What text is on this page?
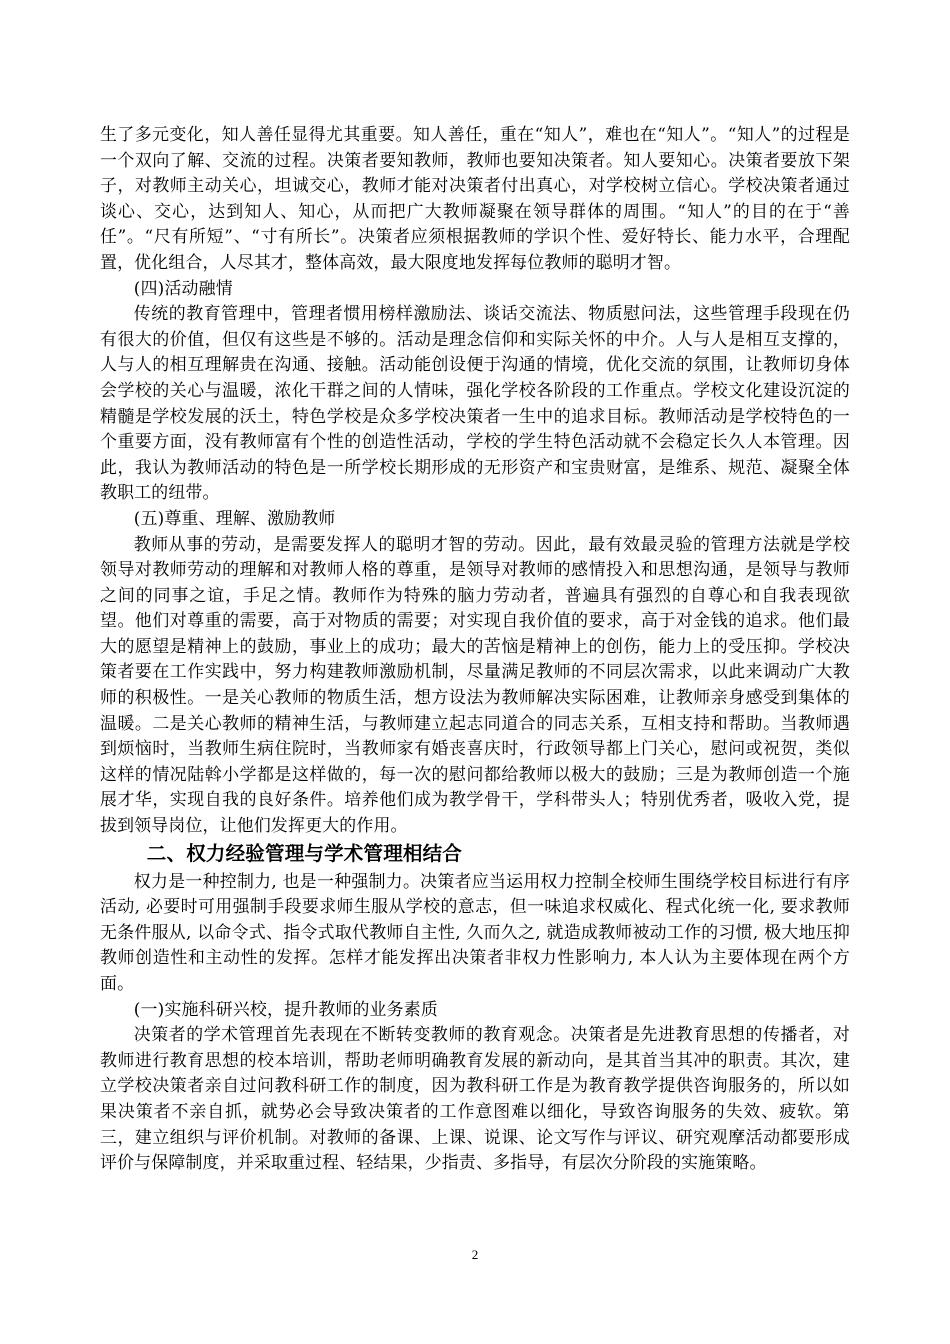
生了多元变化，知人善任显得尤其重要。知人善任，重在“知人”，难也在“知人”。“知人”的过程是一个双向了解、交流的过程。决策者要知教师，教师也要知决策者。知人要知心。决策者要放下架子，对教师主动关心，坦诚交心，教师才能对决策者付出真心，对学校树立信心。学校决策者通过谈心、交心，达到知人、知心，从而把广大教师凝聚在领导群体的周围。“知人”的目的在于“善任”。“尺有所短”、“寸有所长”。决策者应须根据教师的学识个性、爱好特长、能力水平，合理配置，优化组合，人尽其才，整体高效，最大限度地发挥每位教师的聪明才智。

(四)活动融情

传统的教育管理中，管理者惯用榜样激励法、谈话交流法、物质慰问法，这些管理手段现在仍有很大的价值，但仅有这些是不够的。活动是理念信仰和实际关怀的中介。人与人是相互支撑的，人与人的相互理解贵在沟通、接触。活动能创设便于沟通的情境，优化交流的氛围，让教师切身体会学校的关心与温暖，浓化干群之间的人情味，强化学校各阶段的工作重点。学校文化建设沉淀的精髓是学校发展的沃土，特色学校是众多学校决策者一生中的追求目标。教师活动是学校特色的一个重要方面，没有教师富有个性的创造性活动，学校的学生特色活动就不会稳定长久人本管理。因此，我认为教师活动的特色是一所学校长期形成的无形资产和宝贵财富，是维系、规范、凝聚全体教职工的纽带。

(五)尊重、理解、激励教师

教师从事的劳动，是需要发挥人的聪明才智的劳动。因此，最有效最灵验的管理方法就是学校领导对教师劳动的理解和对教师人格的尊重，是领导对教师的感情投入和思想沟通，是领导与教师之间的同事之谊，手足之情。教师作为特殊的脑力劳动者，普遍具有强烈的自尊心和自我表现欲望。他们对尊重的需要，高于对物质的需要；对实现自我价值的要求，高于对金钱的追求。他们最大的愿望是精神上的鼓励，事业上的成功；最大的苦恼是精神上的创伤，能力上的受压抑。学校决策者要在工作实践中，努力构建教师激励机制，尽量满足教师的不同层次需求，以此来调动广大教师的积极性。一是关心教师的物质生活，想方设法为教师解决实际困难，让教师亲身感受到集体的温暖。二是关心教师的精神生活，与教师建立起志同道合的同志关系，互相支持和帮助。当教师遇到烦恼时，当教师生病住院时，当教师家有婚丧喜庆时，行政领导都上门关心，慰问或祝贺，类似这样的情况陆斡小学都是这样做的，每一次的慰问都给教师以极大的鼓励；三是为教师创造一个施展才华，实现自我的良好条件。培养他们成为教学骨干，学科带头人；特别优秀者，吸收入党，提拔到领导岗位，让他们发挥更大的作用。

二、权力经验管理与学术管理相结合

权力是一种控制力, 也是一种强制力。决策者应当运用权力控制全校师生围绕学校目标进行有序活动, 必要时可用强制手段要求师生服从学校的意志，但一味追求权威化、程式化统一化, 要求教师无条件服从, 以命令式、指令式取代教师自主性, 久而久之, 就造成教师被动工作的习惯, 极大地压抑教师创造性和主动性的发挥。怎样才能发挥出决策者非权力性影响力, 本人认为主要体现在两个方面。

(一)实施科研兴校，提升教师的业务素质

决策者的学术管理首先表现在不断转变教师的教育观念。决策者是先进教育思想的传播者，对教师进行教育思想的校本培训，帮助老师明确教育发展的新动向，是其首当其冲的职责。其次，建立学校决策者亲自过问教科研工作的制度，因为教科研工作是为教育教学提供咨询服务的，所以如果决策者不亲自抓，就势必会导致决策者的工作意图难以细化，导致咨询服务的失效、疲软。第三，建立组织与评价机制。对教师的备课、上课、说课、论文写作与评议、研究观摩活动都要形成评价与保障制度，并采取重过程、轻结果，少指责、多指导，有层次分阶段的实施策略。

2
